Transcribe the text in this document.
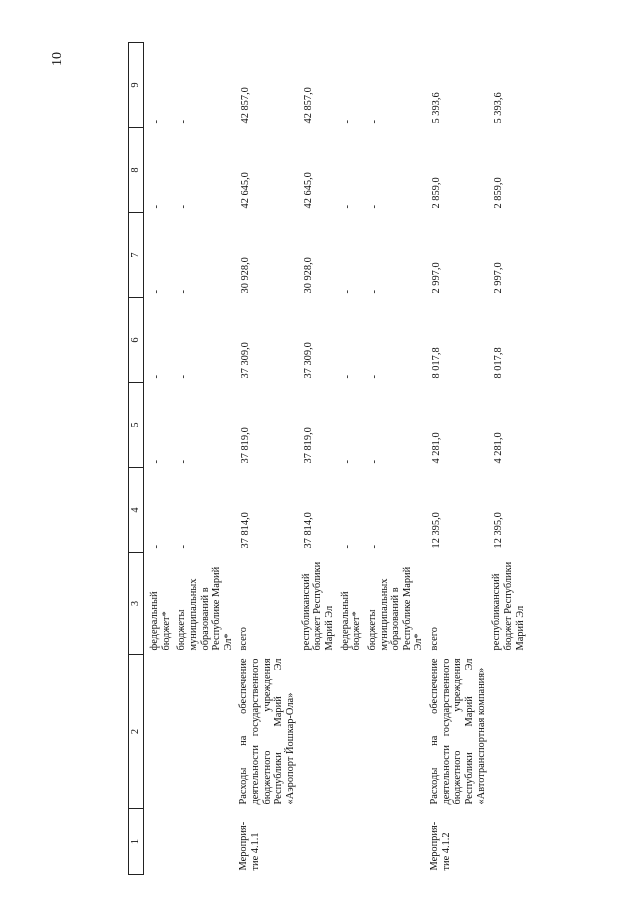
10
1	2	3	4	5	6	7	8	9

		федеральный бюджет*	-	-	-	-	-	-
		бюджеты муниципальных образований в Республике Марий Эл*	-	-	-	-	-	-
Мероприя-тие 4.1.1	Расходы на обеспечение деятельности государственного бюджетного учреждения Республики Марий Эл «Аэропорт Йошкар-Ола»	всего	37 814,0	37 819,0	37 309,0	30 928,0	42 645,0	42 857,0
		республиканский бюджет Республики Марий Эл	37 814,0	37 819,0	37 309,0	30 928,0	42 645,0	42 857,0
		федеральный бюджет*	-	-	-	-	-	-
		бюджеты муниципальных образований в Республике Марий Эл*	-	-	-	-	-	-
Мероприя-тие 4.1.2	Расходы на обеспечение деятельности государственного бюджетного учреждения Республики Марий Эл «Автотранспортная компания»	всего	12 395,0	4 281,0	8 017,8	2 997,0	2 859,0	5 393,6
		республиканский бюджет Республики Марий Эл	12 395,0	4 281,0	8 017,8	2 997,0	2 859,0	5 393,6
